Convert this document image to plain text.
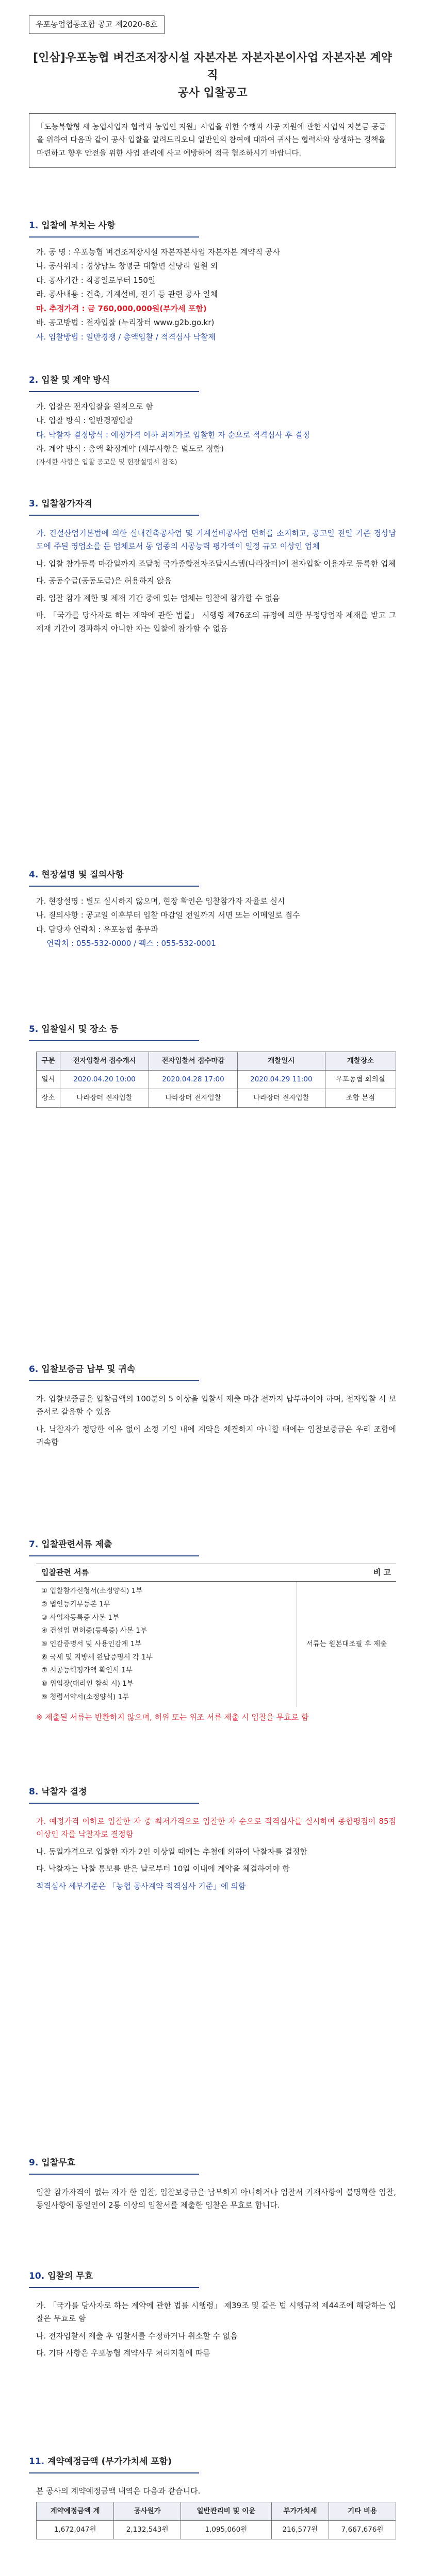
우포농업협동조합 공고 제2020-8호
[인삼]우포농협 벼건조저장시설 자본자본 자본자본이사업 자본자본 계약직
공사 입찰공고
「도농복합형 새 농업사업자 협력과 농업인 지원」사업을 위한 수행과 시공 지원에 관한 사업의 자본금 공급을 위하여 다음과 같이 공사 입찰을 알려드리오니 일반인의 참여에 대하여 귀사는 협력사와 상생하는 정책을 마련하고 향후 안전을 위한 사업 관리에 사고 예방하여 적극 협조하시기 바랍니다.
1. 입찰에 부치는 사항
가. 공 명 : 우포농협 벼건조저장시설 자본자본사업 자본자본 계약직 공사
나. 공사위치 : 경상남도 창녕군 대합면 신당리 일원 외
다. 공사기간 : 착공일로부터 150일
라. 공사내용 : 건축, 기계설비, 전기 등 관련 공사 일체
마. 추정가격 : 금 760,000,000원(부가세 포함)
바. 공고방법 : 전자입찰 (누리장터 www.g2b.go.kr)
사. 입찰방법 : 일반경쟁 / 총액입찰 / 적격심사 낙찰제
2. 입찰 및 계약 방식
가. 입찰은 전자입찰을 원칙으로 함
나. 입찰 방식 : 일반경쟁입찰
다. 낙찰자 결정방식 : 예정가격 이하 최저가로 입찰한 자 순으로 적격심사 후 결정
라. 계약 방식 : 총액 확정계약 (세부사항은 별도로 정함)
(자세한 사항은 입찰 공고문 및 현장설명서 참조)
3. 입찰참가자격
가. 건설산업기본법에 의한 실내건축공사업 및 기계설비공사업 면허를 소지하고, 공고일 전일 기준 경상남도에 주된 영업소를 둔 업체로서 동 업종의 시공능력 평가액이 일정 규모 이상인 업체
나. 입찰 참가등록 마감일까지 조달청 국가종합전자조달시스템(나라장터)에 전자입찰 이용자로 등록한 업체
다. 공동수급(공동도급)은 허용하지 않음
라. 입찰 참가 제한 및 제재 기간 중에 있는 업체는 입찰에 참가할 수 없음
마. 「국가를 당사자로 하는 계약에 관한 법률」 시행령 제76조의 규정에 의한 부정당업자 제재를 받고 그 제재 기간이 경과하지 아니한 자는 입찰에 참가할 수 없음
4. 현장설명 및 질의사항
가. 현장설명 : 별도 실시하지 않으며, 현장 확인은 입찰참가자 자율로 실시
나. 질의사항 : 공고일 이후부터 입찰 마감일 전일까지 서면 또는 이메일로 접수
다. 담당자 연락처 : 우포농협 총무과
연락처 : 055-532-0000 / 팩스 : 055-532-0001
5. 입찰일시 및 장소 등
구분	전자입찰서 접수개시	전자입찰서 접수마감	개찰일시	개찰장소
일시	2020.04.20 10:00	2020.04.28 17:00	2020.04.29 11:00	우포농협 회의실
장소	나라장터 전자입찰	나라장터 전자입찰	나라장터 전자입찰	조합 본점
6. 입찰보증금 납부 및 귀속
가. 입찰보증금은 입찰금액의 100분의 5 이상을 입찰서 제출 마감 전까지 납부하여야 하며, 전자입찰 시 보증서로 갈음할 수 있음
나. 낙찰자가 정당한 이유 없이 소정 기일 내에 계약을 체결하지 아니할 때에는 입찰보증금은 우리 조합에 귀속함
7. 입찰관련서류 제출
입찰관련 서류	비 고
① 입찰참가신청서(소정양식) 1부
② 법인등기부등본 1부
③ 사업자등록증 사본 1부
④ 건설업 면허증(등록증) 사본 1부
⑤ 인감증명서 및 사용인감계 1부
⑥ 국세 및 지방세 완납증명서 각 1부
⑦ 시공능력평가액 확인서 1부
⑧ 위임장(대리인 참석 시) 1부
⑨ 청렴서약서(소정양식) 1부
서류는 원본대조필 후 제출
※ 제출된 서류는 반환하지 않으며, 허위 또는 위조 서류 제출 시 입찰을 무효로 함
8. 낙찰자 결정
가. 예정가격 이하로 입찰한 자 중 최저가격으로 입찰한 자 순으로 적격심사를 실시하여 종합평점이 85점 이상인 자를 낙찰자로 결정함
나. 동일가격으로 입찰한 자가 2인 이상일 때에는 추첨에 의하여 낙찰자를 결정함
다. 낙찰자는 낙찰 통보를 받은 날로부터 10일 이내에 계약을 체결하여야 함
적격심사 세부기준은 「농협 공사계약 적격심사 기준」에 의함
9. 입찰무효
입찰 참가자격이 없는 자가 한 입찰, 입찰보증금을 납부하지 아니하거나 입찰서 기재사항이 불명확한 입찰, 동일사항에 동일인이 2통 이상의 입찰서를 제출한 입찰은 무효로 합니다.
10. 입찰의 무효
가. 「국가를 당사자로 하는 계약에 관한 법률 시행령」 제39조 및 같은 법 시행규칙 제44조에 해당하는 입찰은 무효로 함
나. 전자입찰서 제출 후 입찰서를 수정하거나 취소할 수 없음
다. 기타 사항은 우포농협 계약사무 처리지침에 따름
11. 계약예정금액 (부가가치세 포함)
본 공사의 계약예정금액 내역은 다음과 같습니다.
계약예정금액 계	공사원가	일반관리비 및 이윤	부가가치세	기타 비용
1,672,047원	2,132,543원	1,095,060원	216,577원	7,667,676원
